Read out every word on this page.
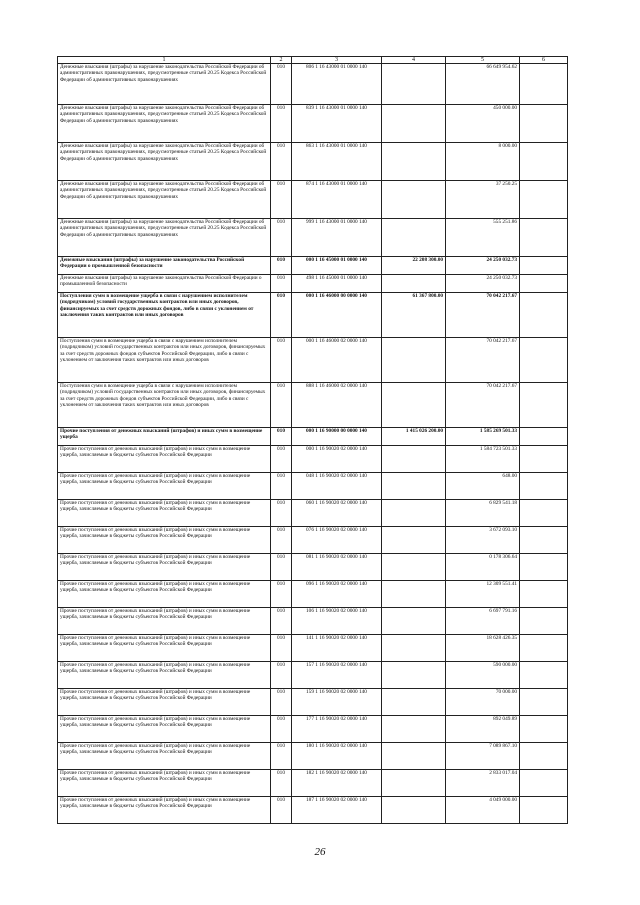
1	2	3	4	5	6
Денежные взыскания (штрафы) за нарушение законодательства Российской Федерации об административных правонарушениях, предусмотренные статьей 20.25 Кодекса Российской Федерации об административных правонарушениях	010	806 1 16 43000 01 0000 140		66 649 954.62	
Денежные взыскания (штрафы) за нарушение законодательства Российской Федерации об административных правонарушениях, предусмотренные статьей 20.25 Кодекса Российской Федерации об административных правонарушениях	010	839 1 16 43000 01 0000 140		450 000.00	
Денежные взыскания (штрафы) за нарушение законодательства Российской Федерации об административных правонарушениях, предусмотренные статьей 20.25 Кодекса Российской Федерации об административных правонарушениях	010	863 1 16 43000 01 0000 140		8 000.00	
Денежные взыскания (штрафы) за нарушение законодательства Российской Федерации об административных правонарушениях, предусмотренные статьей 20.25 Кодекса Российской Федерации об административных правонарушениях	010	874 1 16 43000 01 0000 140		37 250.25	
Денежные взыскания (штрафы) за нарушение законодательства Российской Федерации об административных правонарушениях, предусмотренные статьей 20.25 Кодекса Российской Федерации об административных правонарушениях	010	999 1 16 43000 01 0000 140		555 251.86	
Денежные взыскания (штрафы) за нарушение законодательства Российской Федерации о промышленной безопасности	010	000 1 16 45000 01 0000 140	22 208 300.00	24 250 032.73	
Денежные взыскания (штрафы) за нарушение законодательства Российской Федерации о промышленной безопасности	010	498 1 16 45000 01 0000 140		24 250 032.73	
Поступления сумм в возмещение ущерба в связи с нарушением исполнителем (подрядчиком) условий государственных контрактов или иных договоров, финансируемых за счет средств дорожных фондов, либо в связи с уклонением от заключения таких контрактов или иных договоров	010	000 1 16 46000 00 0000 140	61 367 800.00	70 042 217.67	
Поступления сумм в возмещение ущерба в связи с нарушением исполнителем (подрядчиком) условий государственных контрактов или иных договоров, финансируемых за счет средств дорожных фондов субъектов Российской Федерации, либо в связи с уклонением от заключения таких контрактов или иных договоров	010	000 1 16 46000 02 0000 140		70 042 217.67	
Поступления сумм в возмещение ущерба в связи с нарушением исполнителем (подрядчиком) условий государственных контрактов или иных договоров, финансируемых за счет средств дорожных фондов субъектов Российской Федерации, либо в связи с уклонением от заключения таких контрактов или иных договоров	010	888 1 16 46000 02 0000 140		70 042 217.67	
Прочие поступления от денежных взысканий (штрафов) и иных сумм в возмещение ущерба	010	000 1 16 90000 00 0000 140	1 415 026 200.00	1 585 269 501.33	
Прочие поступления от денежных взысканий (штрафов) и иных сумм в возмещение ущерба, зачисляемые в бюджеты субъектов Российской Федерации	010	000 1 16 90020 02 0000 140		1 584 723 501.33	
Прочие поступления от денежных взысканий (штрафов) и иных сумм в возмещение ущерба, зачисляемые в бюджеты субъектов Российской Федерации	010	048 1 16 90020 02 0000 140		648.00	
Прочие поступления от денежных взысканий (штрафов) и иных сумм в возмещение ущерба, зачисляемые в бюджеты субъектов Российской Федерации	010	060 1 16 90020 02 0000 140		6 829 541.18	
Прочие поступления от денежных взысканий (штрафов) и иных сумм в возмещение ущерба, зачисляемые в бюджеты субъектов Российской Федерации	010	076 1 16 90020 02 0000 140		3 672 093.10	
Прочие поступления от денежных взысканий (штрафов) и иных сумм в возмещение ущерба, зачисляемые в бюджеты субъектов Российской Федерации	010	081 1 16 90020 02 0000 140		0 178 306.64	
Прочие поступления от денежных взысканий (штрафов) и иных сумм в возмещение ущерба, зачисляемые в бюджеты субъектов Российской Федерации	010	096 1 16 90020 02 0000 140		12 309 551.41	
Прочие поступления от денежных взысканий (штрафов) и иных сумм в возмещение ущерба, зачисляемые в бюджеты субъектов Российской Федерации	010	106 1 16 90020 02 0000 140		6 697 791.16	
Прочие поступления от денежных взысканий (штрафов) и иных сумм в возмещение ущерба, зачисляемые в бюджеты субъектов Российской Федерации	010	141 1 16 90020 02 0000 140		18 628 426.35	
Прочие поступления от денежных взысканий (штрафов) и иных сумм в возмещение ущерба, зачисляемые в бюджеты субъектов Российской Федерации	010	157 1 16 90020 02 0000 140		590 000.00	
Прочие поступления от денежных взысканий (штрафов) и иных сумм в возмещение ущерба, зачисляемые в бюджеты субъектов Российской Федерации	010	159 1 16 90020 02 0000 140		70 000.00	
Прочие поступления от денежных взысканий (штрафов) и иных сумм в возмещение ущерба, зачисляемые в бюджеты субъектов Российской Федерации	010	177 1 16 90020 02 0000 140		892 049.89	
Прочие поступления от денежных взысканий (штрафов) и иных сумм в возмещение ущерба, зачисляемые в бюджеты субъектов Российской Федерации	010	180 1 16 90020 02 0000 140		7 089 867.10	
Прочие поступления от денежных взысканий (штрафов) и иных сумм в возмещение ущерба, зачисляемые в бюджеты субъектов Российской Федерации	010	182 1 16 90020 02 0000 140		2 833 017.04	
Прочие поступления от денежных взысканий (штрафов) и иных сумм в возмещение ущерба, зачисляемые в бюджеты субъектов Российской Федерации	010	187 1 16 90020 02 0000 140		4 049 000.00	
26
